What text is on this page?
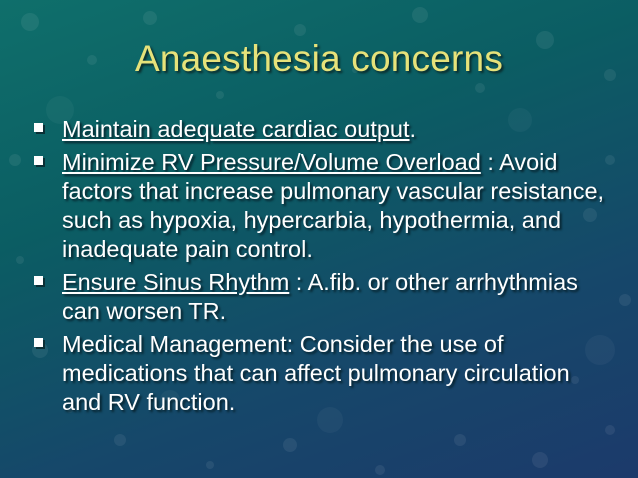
Anaesthesia concerns
Maintain adequate cardiac output.
Minimize RV Pressure/Volume Overload : Avoid factors that increase pulmonary vascular resistance, such as hypoxia, hypercarbia, hypothermia, and inadequate pain control.
Ensure Sinus Rhythm : A.fib. or other arrhythmias can worsen TR.
Medical Management: Consider the use of medications that can affect pulmonary circulation and RV function.
